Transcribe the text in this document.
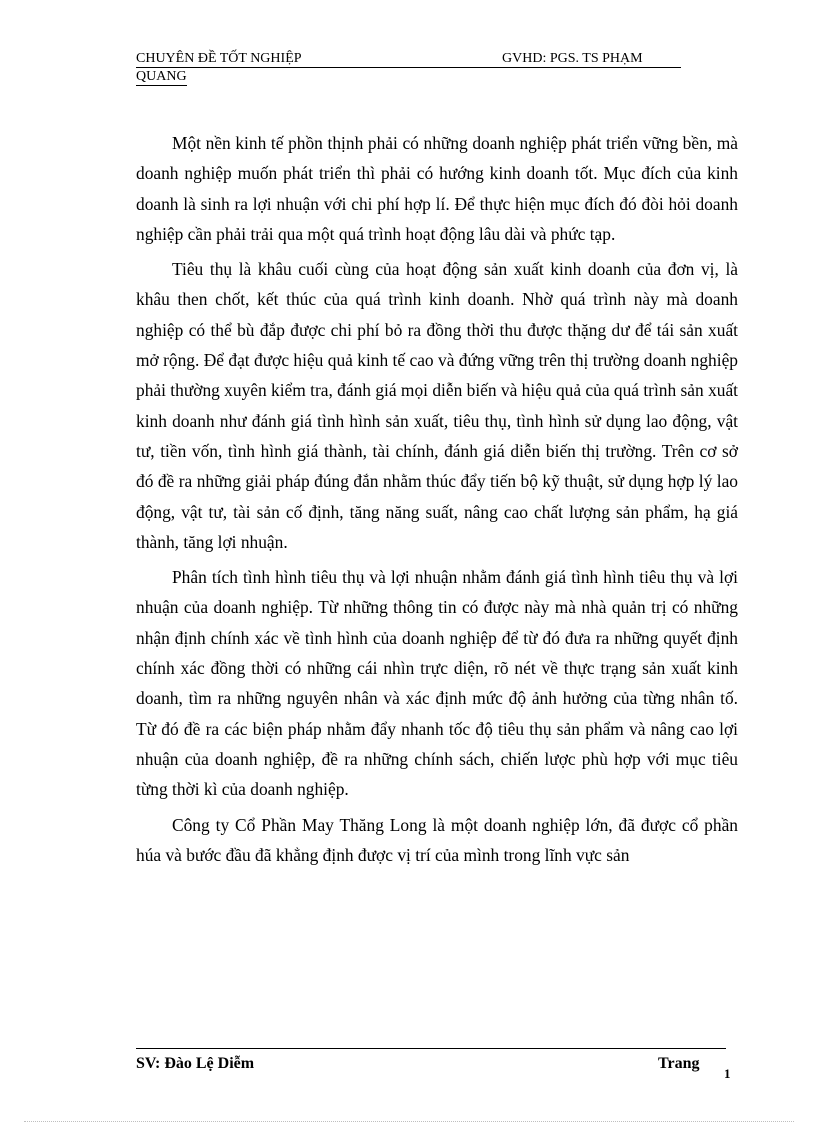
CHUYÊN ĐỀ TỐT NGHIỆP	GVHD: PGS. TS PHẠM
QUANG

Một nền kinh tế phồn thịnh phải có những doanh nghiệp phát triển vững bền, mà doanh nghiệp muốn phát triển thì phải có hướng kinh doanh tốt. Mục đích của kinh doanh là sinh ra lợi nhuận với chi phí hợp lí. Để thực hiện mục đích đó đòi hỏi doanh nghiệp cần phải trải qua một quá trình hoạt động lâu dài và phức tạp.

Tiêu thụ là khâu cuối cùng của hoạt động sản xuất kinh doanh của đơn vị, là khâu then chốt, kết thúc của quá trình kinh doanh. Nhờ quá trình này mà doanh nghiệp có thể bù đắp được chi phí bỏ ra đồng thời thu được thặng dư để tái sản xuất mở rộng. Để đạt được hiệu quả kinh tế cao và đứng vững trên thị trường doanh nghiệp phải thường xuyên kiểm tra, đánh giá mọi diễn biến và hiệu quả của quá trình sản xuất kinh doanh như đánh giá tình hình sản xuất, tiêu thụ, tình hình sử dụng lao động, vật tư, tiền vốn, tình hình giá thành, tài chính, đánh giá diễn biến thị trường. Trên cơ sở đó đề ra những giải pháp đúng đắn nhằm thúc đẩy tiến bộ kỹ thuật, sử dụng hợp lý lao động, vật tư, tài sản cố định, tăng năng suất, nâng cao chất lượng sản phẩm, hạ giá thành, tăng lợi nhuận.

Phân tích tình hình tiêu thụ và lợi nhuận nhằm đánh giá tình hình tiêu thụ và lợi nhuận của doanh nghiệp. Từ những thông tin có được này mà nhà quản trị có những nhận định chính xác về tình hình của doanh nghiệp để từ đó đưa ra những quyết định chính xác đồng thời có những cái nhìn trực diện, rõ nét về thực trạng sản xuất kinh doanh, tìm ra những nguyên nhân và xác định mức độ ảnh hưởng của từng nhân tố. Từ đó đề ra các biện pháp nhằm đẩy nhanh tốc độ tiêu thụ sản phẩm và nâng cao lợi nhuận của doanh nghiệp, đề ra những chính sách, chiến lược phù hợp với mục tiêu từng thời kì của doanh nghiệp.

Công ty Cổ Phần May Thăng Long là một doanh nghiệp lớn, đã được cổ phần húa và bước đầu đã khẳng định được vị trí của mình trong lĩnh vực sản

SV: Đào Lệ Diễm	Trang
1
